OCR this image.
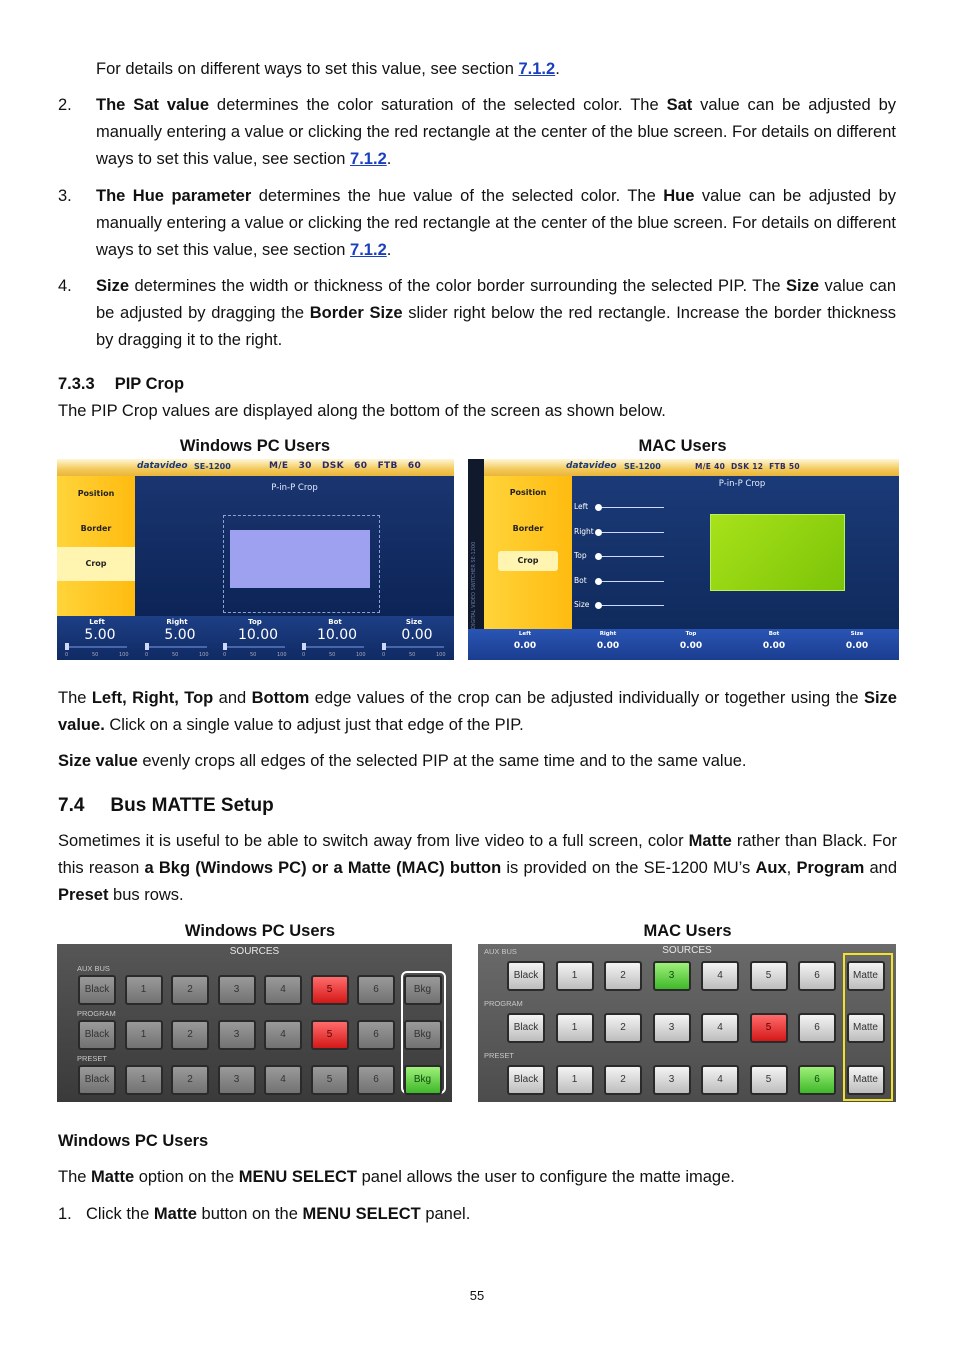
For details on different ways to set this value, see section 7.1.2.
2. The Sat value determines the color saturation of the selected color. The Sat value can be adjusted by manually entering a value or clicking the red rectangle at the center of the blue screen. For details on different ways to set this value, see section 7.1.2.
3. The Hue parameter determines the hue value of the selected color. The Hue value can be adjusted by manually entering a value or clicking the red rectangle at the center of the blue screen. For details on different ways to set this value, see section 7.1.2.
4. Size determines the width or thickness of the color border surrounding the selected PIP. The Size value can be adjusted by dragging the Border Size slider right below the red rectangle. Increase the border thickness by dragging it to the right.
7.3.3 PIP Crop
The PIP Crop values are displayed along the bottom of the screen as shown below.
Windows PC Users	MAC Users
datavideo SE-1200	M/E   30   DSK   60   FTB   60
Position
Border
Crop
P-in-P Crop
Left	Right	Top	Bot	Size
5.00	5.00	10.00	10.00	0.00
0	50	100	0	50	100	0	50	100	0	50	100	0	50	100
datavideo SE-1200	M/E 40  DSK 12  FTB 50
DIGITAL VIDEO SWITCHER SE-1200
Position
Border
Crop
P-in-P Crop
Left
Right
Top
Bot
Size
Left	Right	Top	Bot	Size
0.00	0.00	0.00	0.00	0.00
The Left, Right, Top and Bottom edge values of the crop can be adjusted individually or together using the Size value. Click on a single value to adjust just that edge of the PIP.
Size value evenly crops all edges of the selected PIP at the same time and to the same value.
7.4 Bus MATTE Setup
Sometimes it is useful to be able to switch away from live video to a full screen, color Matte rather than Black. For this reason a Bkg (Windows PC) or a Matte (MAC) button is provided on the SE-1200 MU’s Aux, Program and Preset bus rows.
Windows PC Users	MAC Users
SOURCES
AUX BUS
Black	1	2	3	4	5	6	Bkg
PROGRAM
Black	1	2	3	4	5	6	Bkg
PRESET
Black	1	2	3	4	5	6	Bkg
SOURCES
AUX BUS
Black	1	2	3	4	5	6	Matte
PROGRAM
Black	1	2	3	4	5	6	Matte
PRESET
Black	1	2	3	4	5	6	Matte
Windows PC Users
The Matte option on the MENU SELECT panel allows the user to configure the matte image.
1. Click the Matte button on the MENU SELECT panel.
55
